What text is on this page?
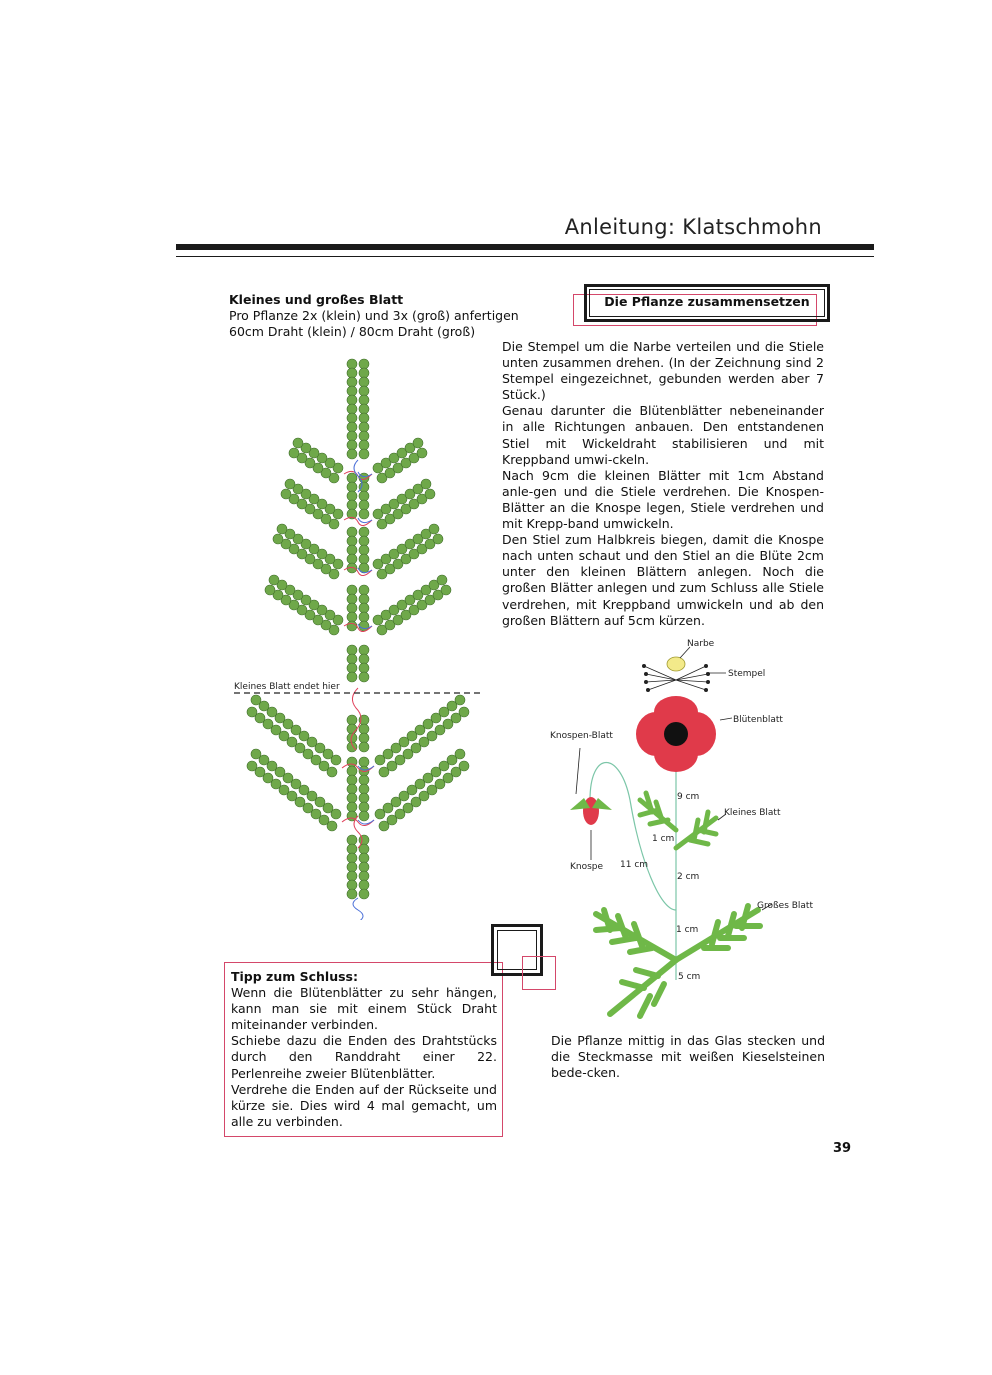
Anleitung: Klatschmohn
Kleines und großes Blatt
Pro Pflanze 2x (klein) und 3x (groß) anfertigen
60cm Draht (klein) / 80cm Draht (groß)
Kleines Blatt endet hier
Die Pflanze zusammensetzen

Die Stempel um die Narbe verteilen und die Stiele unten zusammen drehen. (In der Zeichnung sind 2 Stempel eingezeichnet, gebunden werden aber 7 Stück.)

Genau darunter die Blütenblätter nebeneinander in alle Richtungen anbauen. Den entstandenen Stiel mit Wickeldraht stabilisieren und mit Kreppband umwi-ckeln.

Nach 9cm die kleinen Blätter mit 1cm Abstand anle-gen und die Stiele verdrehen. Die Knospen-Blätter an die Knospe legen, Stiele verdrehen und mit Krepp-band umwickeln.

Den Stiel zum Halbkreis biegen, damit die Knospe nach unten schaut und den Stiel an die Blüte 2cm unter den kleinen Blättern anlegen. Noch die großen Blätter anlegen und zum Schluss alle Stiele verdrehen, mit Kreppband umwickeln und ab den großen Blättern auf 5cm kürzen.

Narbe
Stempel
Blütenblatt
Knospen-Blatt
Kleines Blatt
Knospe
Großes Blatt
9 cm
1 cm
11 cm
2 cm
1 cm
5 cm

Tipp zum Schluss:

Wenn die Blütenblätter zu sehr hängen, kann man sie mit einem Stück Draht miteinander verbinden.

Schiebe dazu die Enden des Drahtstücks durch den Randdraht einer 22. Perlenreihe zweier Blütenblätter.

Verdrehe die Enden auf der Rückseite und kürze sie. Dies wird 4 mal gemacht, um alle zu verbinden.

Die Pflanze mittig in das Glas stecken und die Steckmasse mit weißen Kieselsteinen bede-cken.
39
